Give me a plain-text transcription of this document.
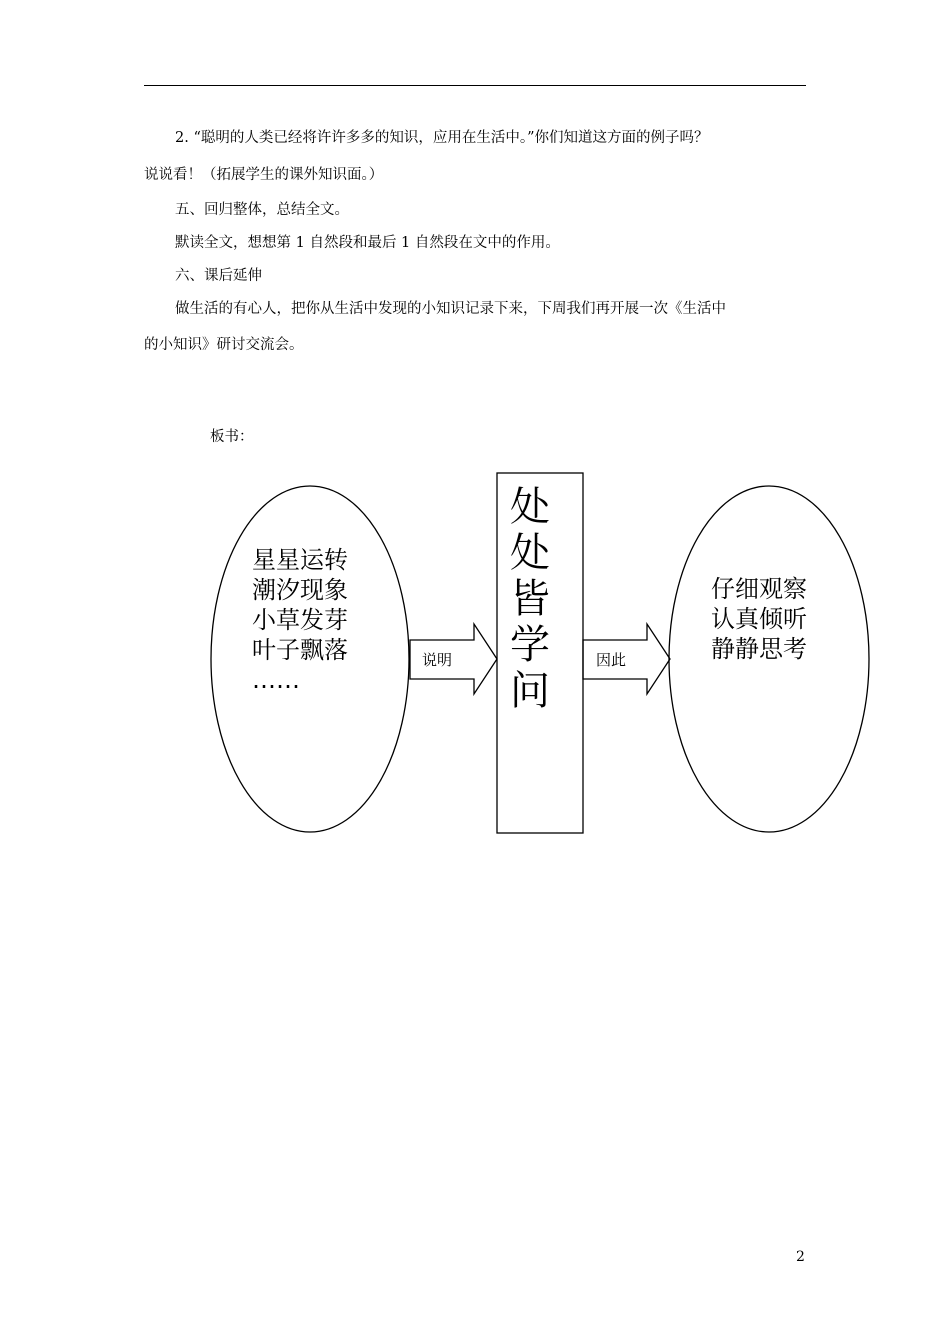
2. “聪明的人类已经将许许多多的知识，应用在生活中。”你们知道这方面的例子吗？

说说看！（拓展学生的课外知识面。）

五、回归整体，总结全文。

默读全文，想想第 1 自然段和最后 1 自然段在文中的作用。

六、课后延伸

做生活的有心人，把你从生活中发现的小知识记录下来，下周我们再开展一次《生活中

的小知识》研讨交流会。

板书：
星星运转
潮汐现象
小草发芽
叶子飘落
……
说明
处
处
皆
学
问
因此
仔细观察
认真倾听
静静思考
2
